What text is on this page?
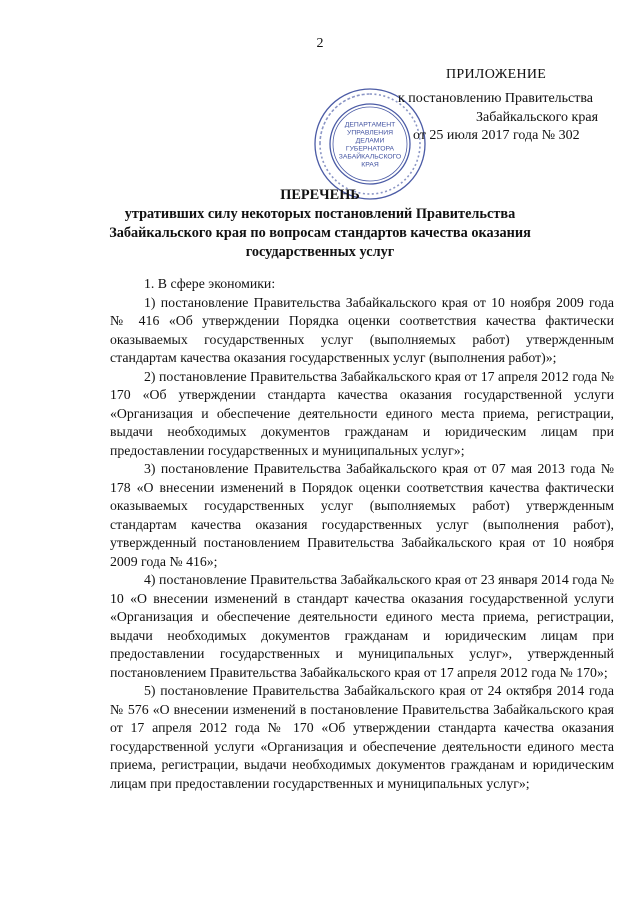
2
ДЕПАРТАМЕНТ
УПРАВЛЕНИЯ
ДЕЛАМИ
ГУБЕРНАТОРА
ЗАБАЙКАЛЬСКОГО
КРАЯ
ПРИЛОЖЕНИЕ
к постановлению Правительства
Забайкальского края
от 25 июля 2017 года № 302
ПЕРЕЧЕНЬ
утративших силу некоторых постановлений Правительства
Забайкальского края по вопросам стандартов качества оказания
государственных услуг

1. В сфере экономики:

1) постановление Правительства Забайкальского края от 10 ноября 2009 года № 416 «Об утверждении Порядка оценки соответствия качества фактически оказываемых государственных услуг (выполняемых работ) утвержденным стандартам качества оказания государственных услуг (выполнения работ)»;

2) постановление Правительства Забайкальского края от 17 апреля 2012 года № 170 «Об утверждении стандарта качества оказания государственной услуги «Организация и обеспечение деятельности единого места приема, регистрации, выдачи необходимых документов гражданам и юридическим лицам при предоставлении государственных и муниципальных услуг»;

3) постановление Правительства Забайкальского края от 07 мая 2013 года № 178 «О внесении изменений в Порядок оценки соответствия качества фактически оказываемых государственных услуг (выполняемых работ) утвержденным стандартам качества оказания государственных услуг (выполнения работ), утвержденный постановлением Правительства Забайкальского края от 10 ноября 2009 года № 416»;

4) постановление Правительства Забайкальского края от 23 января 2014 года № 10 «О внесении изменений в стандарт качества оказания государственной услуги «Организация и обеспечение деятельности единого места приема, регистрации, выдачи необходимых документов гражданам и юридическим лицам при предоставлении государственных и муниципальных услуг», утвержденный постановлением Правительства Забайкальского края от 17 апреля 2012 года № 170»;

5) постановление Правительства Забайкальского края от 24 октября 2014 года № 576 «О внесении изменений в постановление Правительства Забайкальского края от 17 апреля 2012 года № 170 «Об утверждении стандарта качества оказания государственной услуги «Организация и обеспечение деятельности единого места приема, регистрации, выдачи необходимых документов гражданам и юридическим лицам при предоставлении государственных и муниципальных услуг»;
